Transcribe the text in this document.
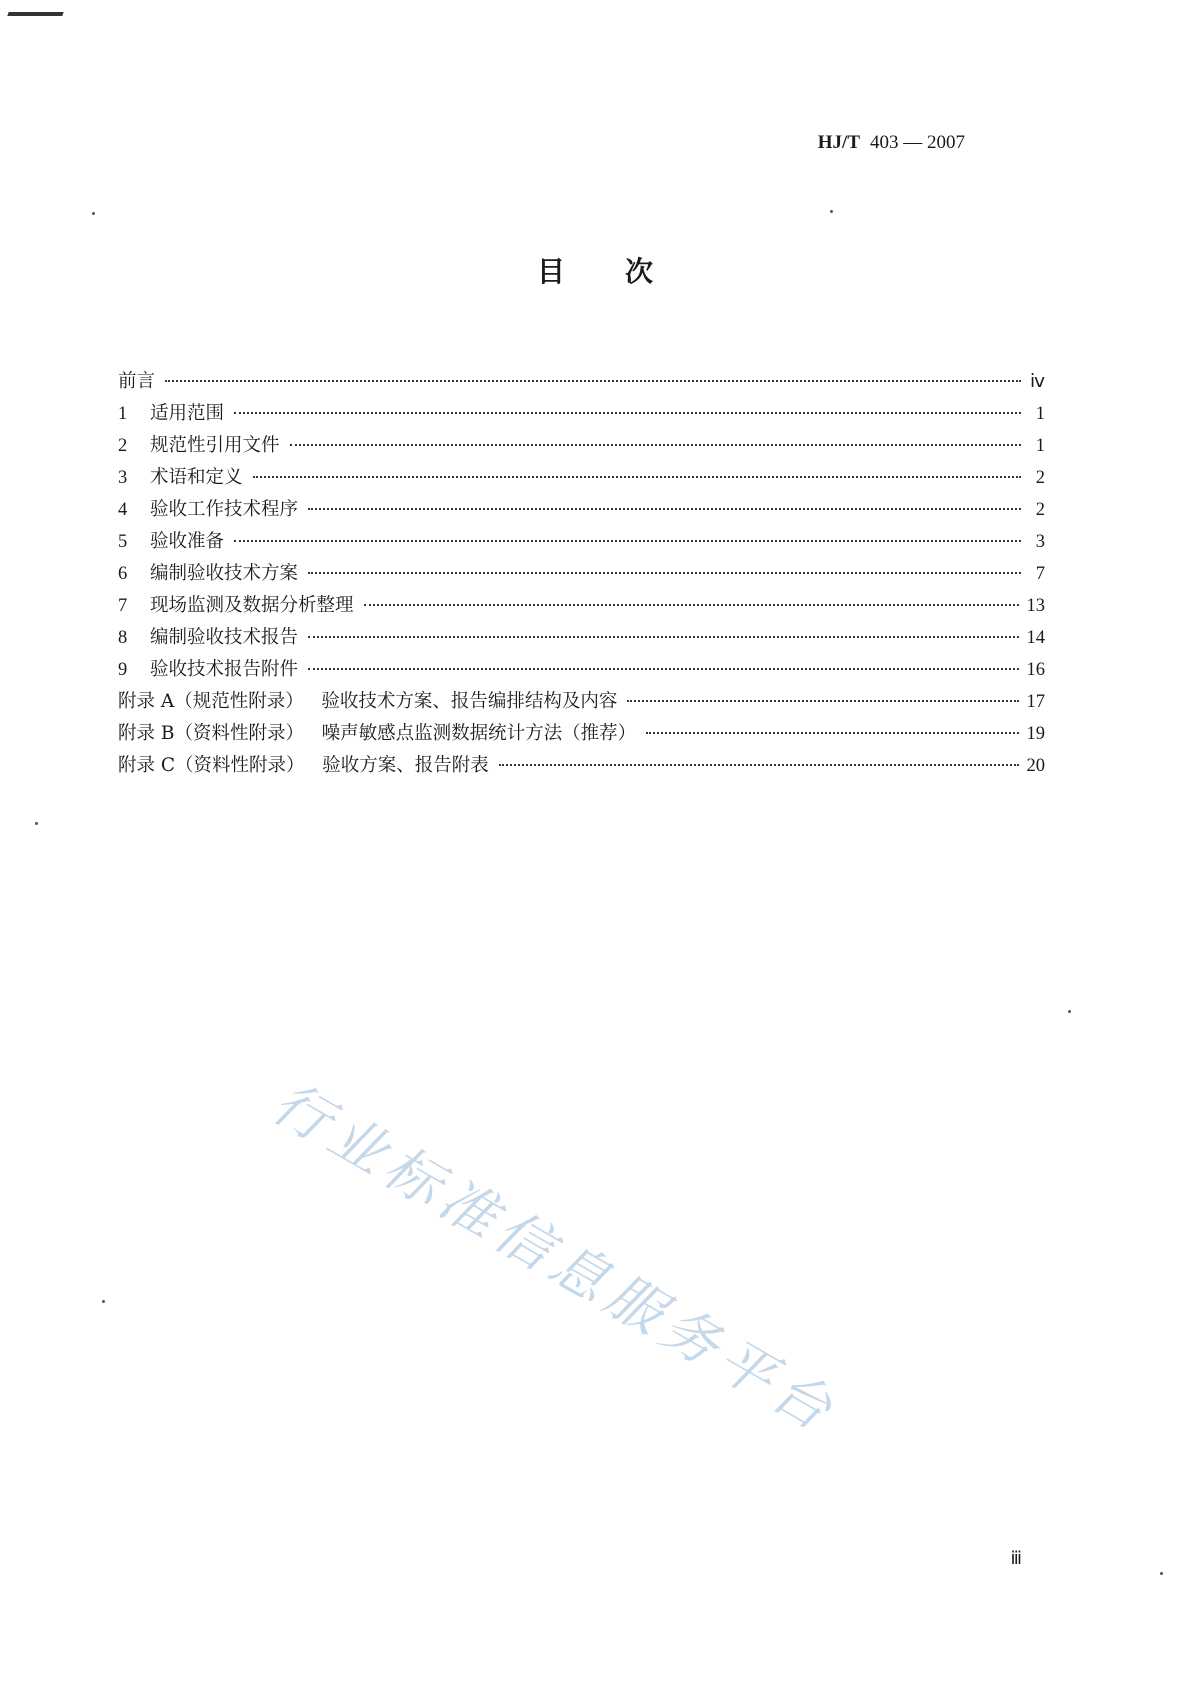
HJ/T 403 — 2007
目次
前言	ⅳ
1	适用范围	1
2	规范性引用文件	1
3	术语和定义	2
4	验收工作技术程序	2
5	验收准备	3
6	编制验收技术方案	7
7	现场监测及数据分析整理	13
8	编制验收技术报告	14
9	验收技术报告附件	16
附录 A（规范性附录） 验收技术方案、报告编排结构及内容	17
附录 B（资料性附录） 噪声敏感点监测数据统计方法（推荐）	19
附录 C（资料性附录） 验收方案、报告附表	20
行业标准信息服务平台
ⅲ
